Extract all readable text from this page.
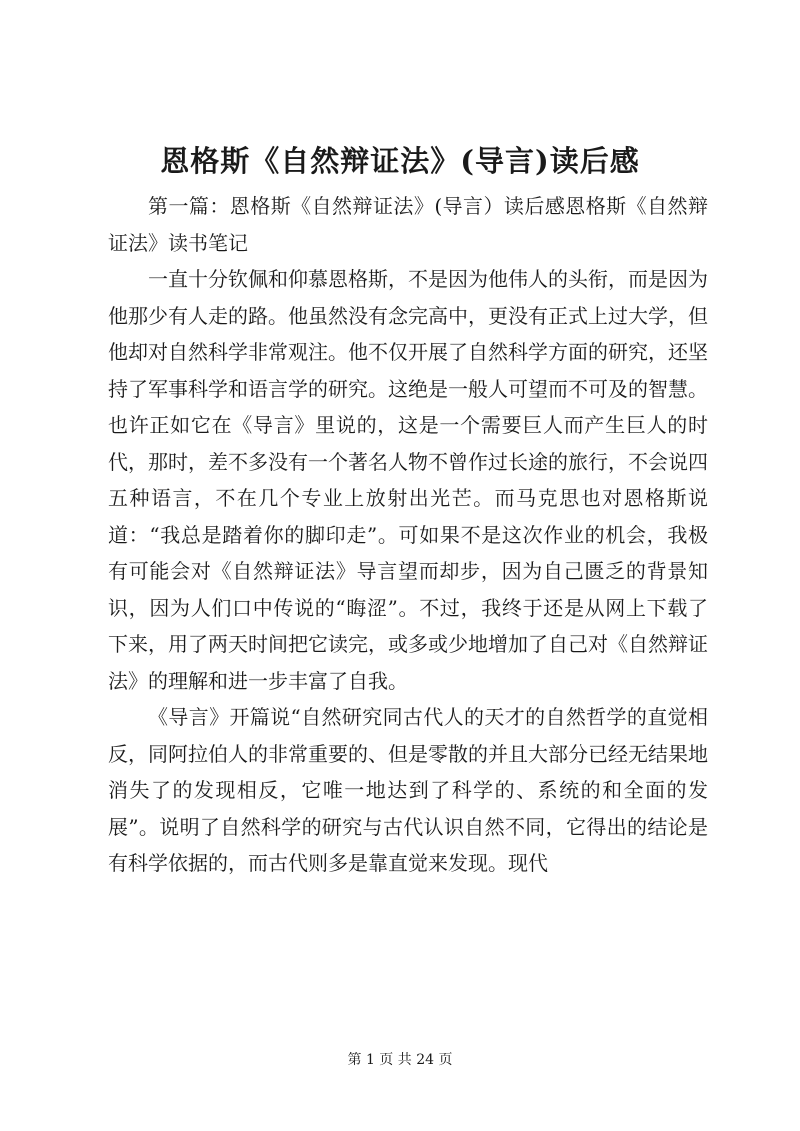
恩格斯《自然辩证法》(导言)读后感

第一篇：恩格斯《自然辩证法》(导言）读后感恩格斯《自然辩证法》读书笔记

一直十分钦佩和仰慕恩格斯，不是因为他伟人的头衔，而是因为他那少有人走的路。他虽然没有念完高中，更没有正式上过大学，但他却对自然科学非常观注。他不仅开展了自然科学方面的研究，还坚持了军事科学和语言学的研究。这绝是一般人可望而不可及的智慧。也许正如它在《导言》里说的，这是一个需要巨人而产生巨人的时代，那时，差不多没有一个著名人物不曾作过长途的旅行，不会说四五种语言，不在几个专业上放射出光芒。而马克思也对恩格斯说道：“我总是踏着你的脚印走”。可如果不是这次作业的机会，我极有可能会对《自然辩证法》导言望而却步，因为自己匮乏的背景知识，因为人们口中传说的“晦涩”。不过，我终于还是从网上下载了下来，用了两天时间把它读完，或多或少地增加了自己对《自然辩证法》的理解和进一步丰富了自我。

《导言》开篇说“自然研究同古代人的天才的自然哲学的直觉相反，同阿拉伯人的非常重要的、但是零散的并且大部分已经无结果地消失了的发现相反，它唯一地达到了科学的、系统的和全面的发展”。说明了自然科学的研究与古代认识自然不同，它得出的结论是有科学依据的，而古代则多是靠直觉来发现。现代

第 1 页 共 24 页
